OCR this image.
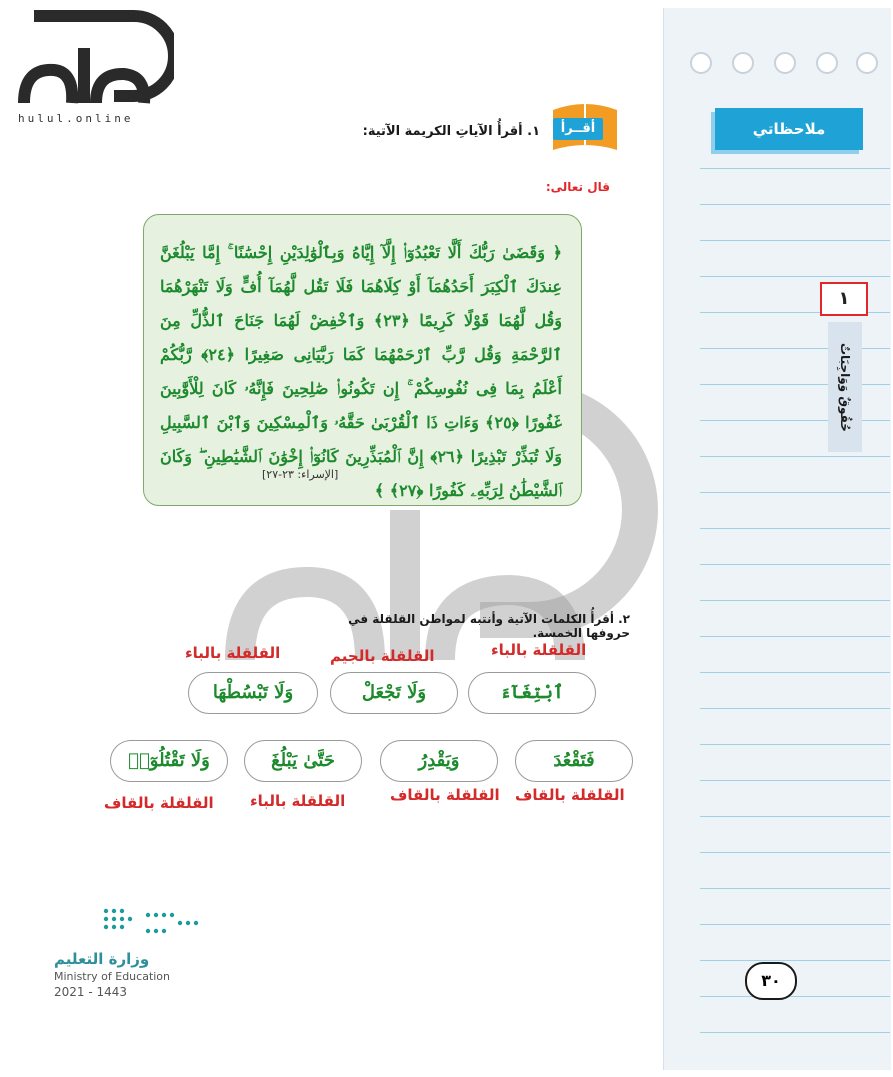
ملاحظاتي
١
حُقُوقٌ وَوَاجِبَاتٌ
٣٠
hulul.online
أقــرأ
١. أقرأُ الآياتِ الكريمة الآتية:
قال تعالى:
﴿ وَقَضَىٰ رَبُّكَ أَلَّا تَعْبُدُوٓا۟ إِلَّآ إِيَّاهُ وَبِٱلْوَٰلِدَيْنِ إِحْسَٰنًا ۚ إِمَّا يَبْلُغَنَّ عِندَكَ ٱلْكِبَرَ أَحَدُهُمَآ أَوْ كِلَاهُمَا فَلَا تَقُل لَّهُمَآ أُفٍّ وَلَا تَنْهَرْهُمَا وَقُل لَّهُمَا قَوْلًا كَرِيمًا ﴿٢٣﴾ وَٱخْفِضْ لَهُمَا جَنَاحَ ٱلذُّلِّ مِنَ ٱلرَّحْمَةِ وَقُل رَّبِّ ٱرْحَمْهُمَا كَمَا رَبَّيَانِى صَغِيرًا ﴿٢٤﴾ رَّبُّكُمْ أَعْلَمُ بِمَا فِى نُفُوسِكُمْ ۚ إِن تَكُونُوا۟ صَٰلِحِينَ فَإِنَّهُۥ كَانَ لِلْأَوَّٰبِينَ غَفُورًا ﴿٢٥﴾ وَءَاتِ ذَا ٱلْقُرْبَىٰ حَقَّهُۥ وَٱلْمِسْكِينَ وَٱبْنَ ٱلسَّبِيلِ وَلَا تُبَذِّرْ تَبْذِيرًا ﴿٢٦﴾ إِنَّ ٱلْمُبَذِّرِينَ كَانُوٓا۟ إِخْوَٰنَ ٱلشَّيَٰطِينِ ۖ وَكَانَ ٱلشَّيْطَٰنُ لِرَبِّهِۦ كَفُورًا ﴿٢٧﴾ ﴾
[الإسراء: ٢٣-٢٧]
٢. أقرأُ الكلمات الآتية وأنتبه لمواطن القلقلة في حروفها الخمسة.
القلقلة بالباء	القلقلة بالجيم	القلقلة بالباء
وَلَا تَبْسُطْهَا	وَلَا تَجْعَلْ	ٱبْتِغَآءَ
وَلَا تَقْتُلُوٓا۟	حَتَّىٰ يَبْلُغَ	وَيَقْدِرُ	فَتَقْعُدَ
القلقلة بالقاف القلقلة بالباء	القلقلة بالقاف القلقلة بالقاف
وزارة التعليم
Ministry of Education
2021 - 1443
